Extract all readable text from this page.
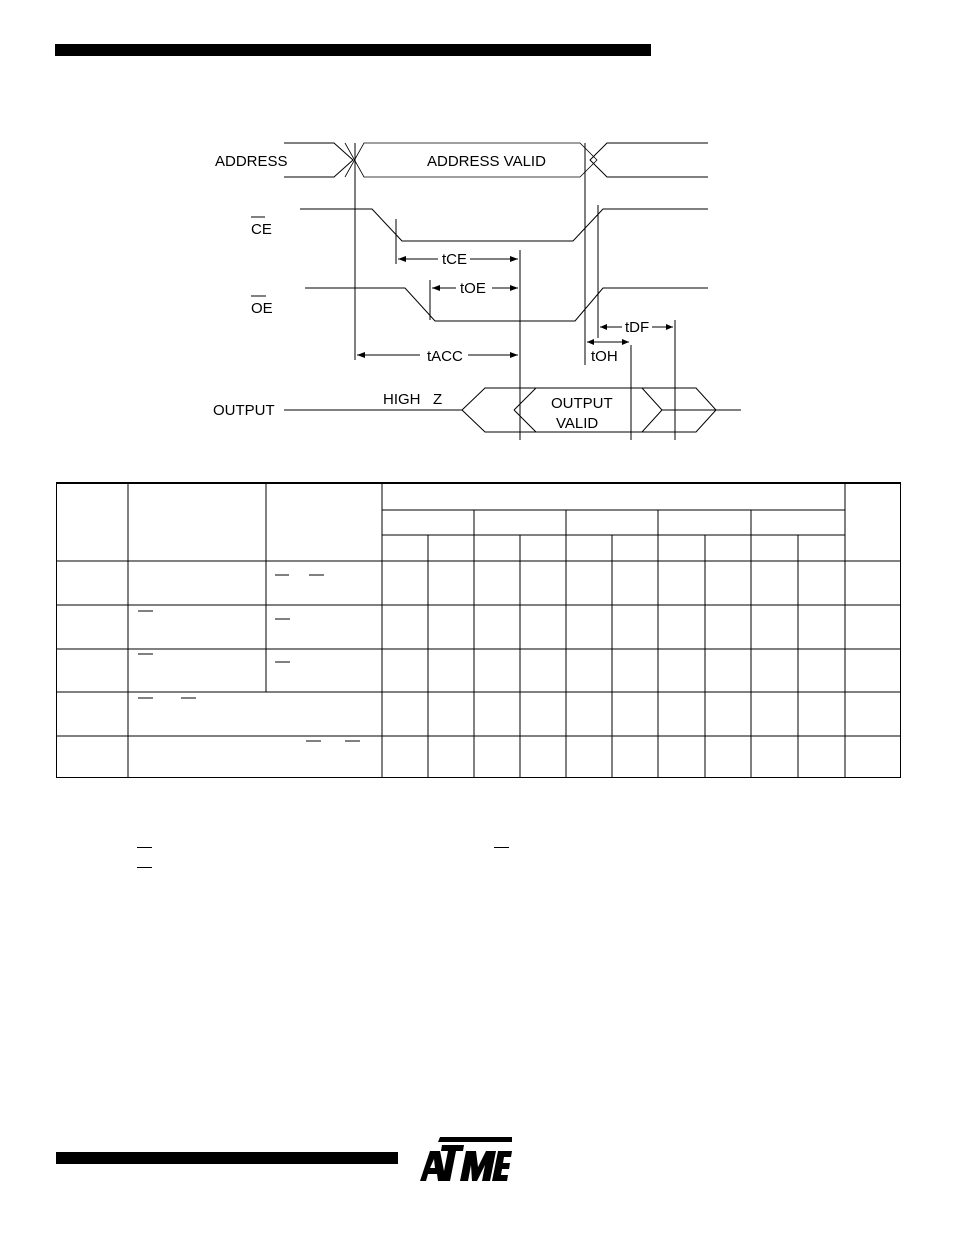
ADDRESS
CE
OE
OUTPUT
ADDRESS VALID
HIGH   Z	OUTPUT
VALID
tCE
tOE
tACC
tDF
tOH
